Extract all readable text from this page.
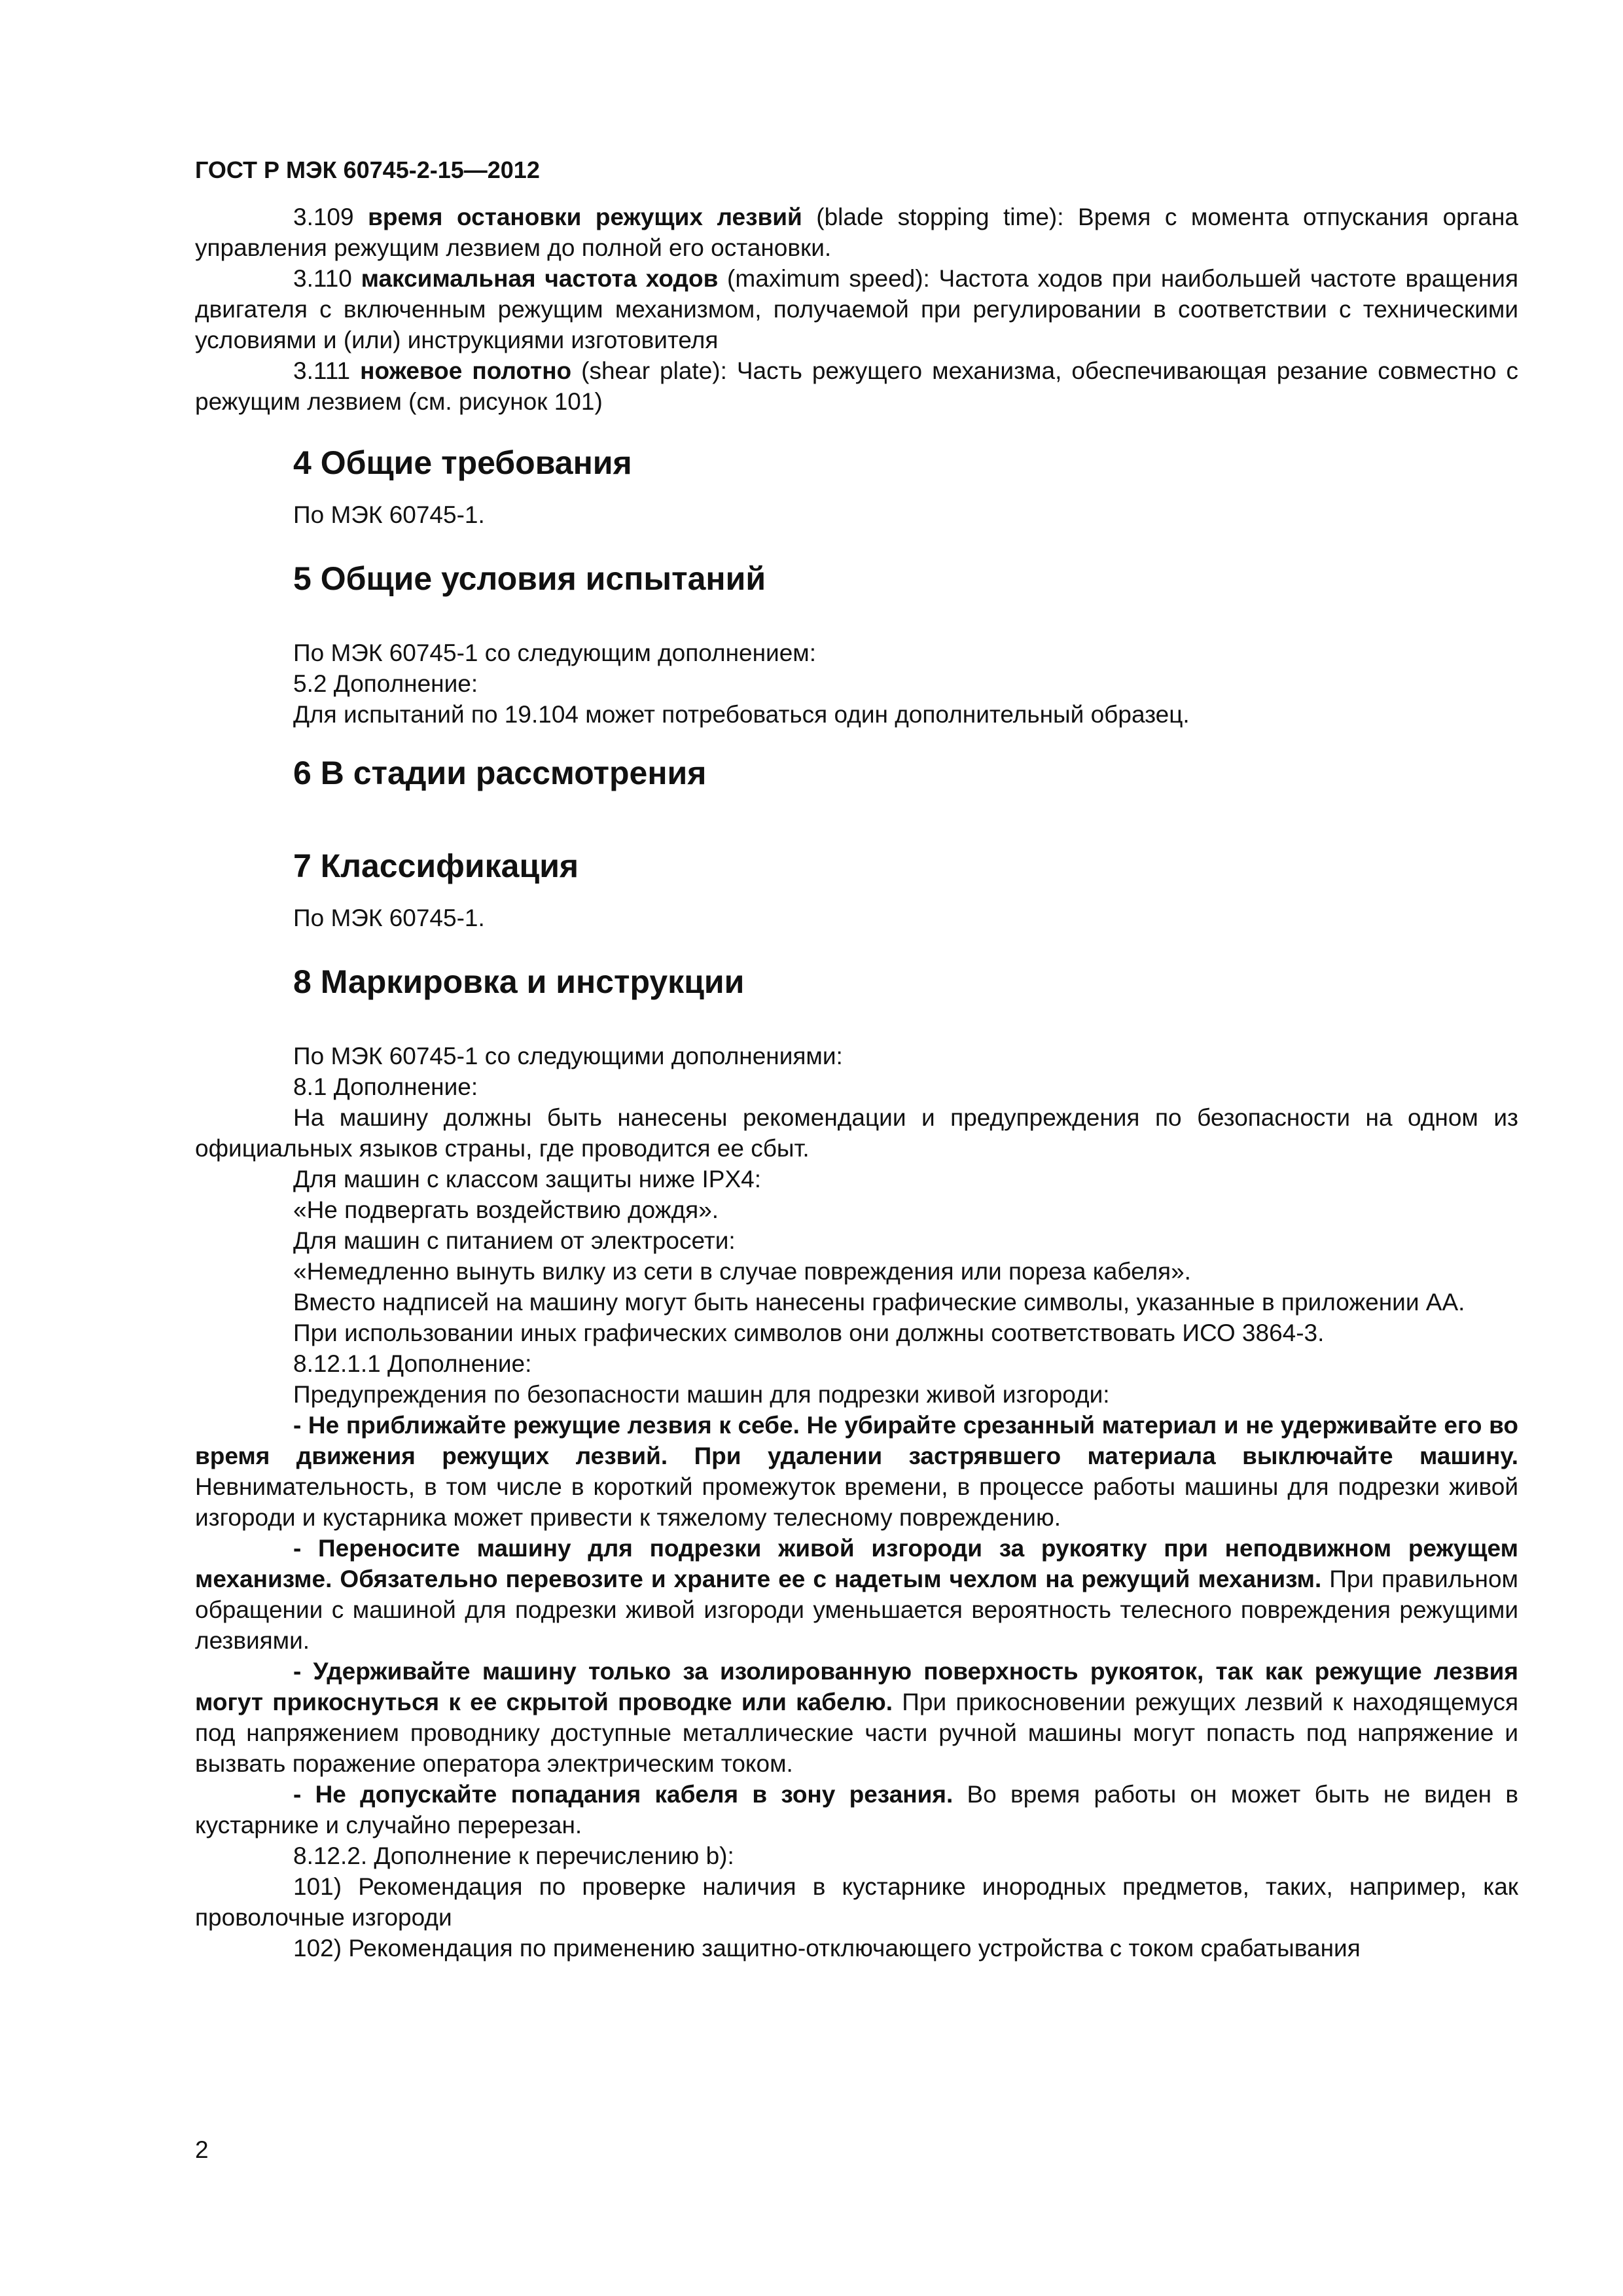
ГОСТ Р МЭК 60745-2-15—2012

3.109 время остановки режущих лезвий (blade stopping time): Время с момента отпускания органа управления режущим лезвием до полной его остановки.

3.110 максимальная частота ходов (maximum speed): Частота ходов при наибольшей частоте вращения двигателя с включенным режущим механизмом, получаемой при регулировании в соответствии с техническими условиями и (или) инструкциями изготовителя

3.111 ножевое полотно (shear plate): Часть режущего механизма, обеспечивающая резание совместно с режущим лезвием (см. рисунок 101)

4 Общие требования

По МЭК 60745-1.

5 Общие условия испытаний

По МЭК 60745-1 со следующим дополнением:

5.2 Дополнение:

Для испытаний по 19.104 может потребоваться один дополнительный образец.

6 В стадии рассмотрения
7 Классификация

По МЭК 60745-1.

8 Маркировка и инструкции

По МЭК 60745-1 со следующими дополнениями:

8.1 Дополнение:

На машину должны быть нанесены рекомендации и предупреждения по безопасности на одном из официальных языков страны, где проводится ее сбыт.

Для машин с классом защиты ниже IPX4:

«Не подвергать воздействию дождя».

Для машин с питанием от электросети:

«Немедленно вынуть вилку из сети в случае повреждения или пореза кабеля».

Вместо надписей на машину могут быть нанесены графические символы, указанные в приложении АА.

При использовании иных графических символов они должны соответствовать ИСО 3864-3.

8.12.1.1 Дополнение:

Предупреждения по безопасности машин для подрезки живой изгороди:

- Не приближайте режущие лезвия к себе. Не убирайте срезанный материал и не удерживайте его во время движения режущих лезвий. При удалении застрявшего материала выключайте машину. Невнимательность, в том числе в короткий промежуток времени, в процессе работы машины для подрезки живой изгороди и кустарника может привести к тяжелому телесному повреждению.

- Переносите машину для подрезки живой изгороди за рукоятку при неподвижном режущем механизме. Обязательно перевозите и храните ее с надетым чехлом на режущий механизм. При правильном обращении с машиной для подрезки живой изгороди уменьшается вероятность телесного повреждения режущими лезвиями.

- Удерживайте машину только за изолированную поверхность рукояток, так как режущие лезвия могут прикоснуться к ее скрытой проводке или кабелю. При прикосновении режущих лезвий к находящемуся под напряжением проводнику доступные металлические части ручной машины могут попасть под напряжение и вызвать поражение оператора электрическим током.

- Не допускайте попадания кабеля в зону резания. Во время работы он может быть не виден в кустарнике и случайно перерезан.

8.12.2. Дополнение к перечислению b):

101) Рекомендация по проверке наличия в кустарнике инородных предметов, таких, например, как проволочные изгороди

102) Рекомендация по применению защитно-отключающего устройства с током срабатывания

2
